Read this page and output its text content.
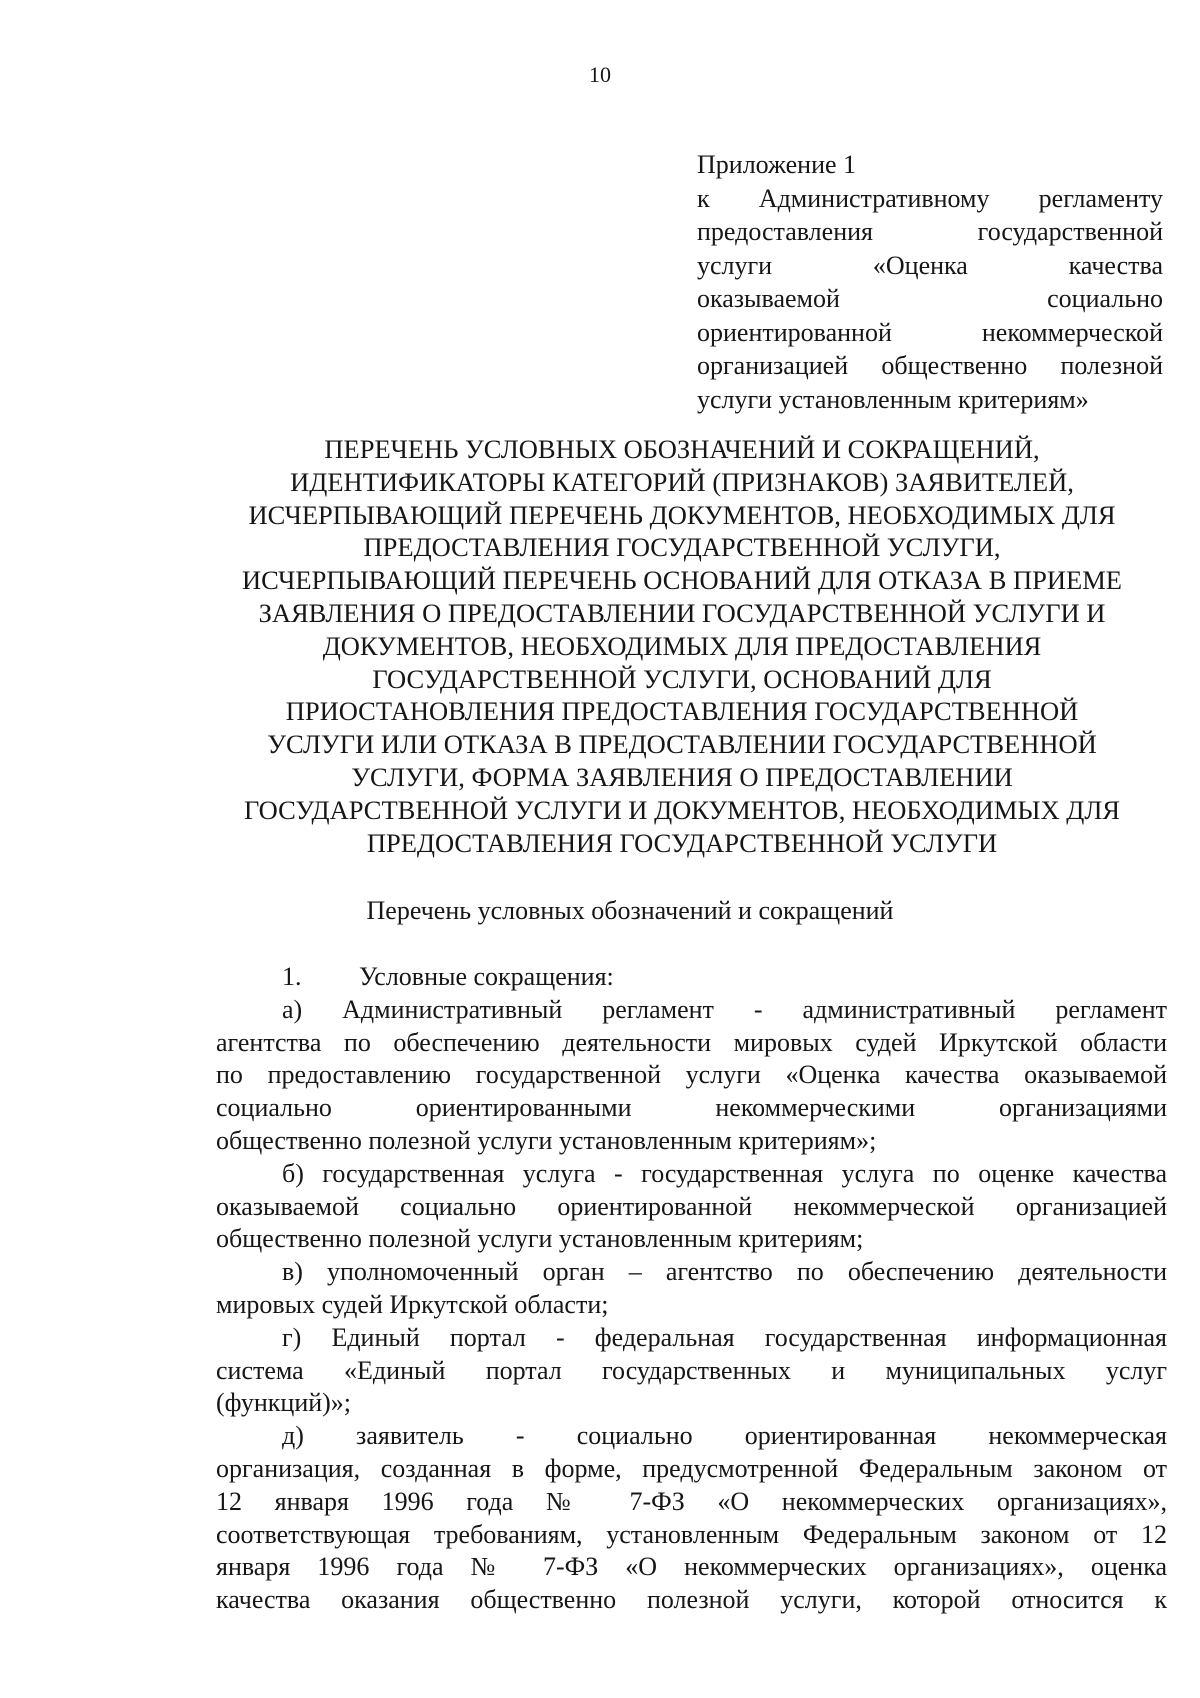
10
Приложение 1
к Административному регламенту
предоставления государственной
услуги «Оценка качества
оказываемой социально
ориентированной некоммерческой
организацией общественно полезной
услуги установленным критериям»
ПЕРЕЧЕНЬ УСЛОВНЫХ ОБОЗНАЧЕНИЙ И СОКРАЩЕНИЙ,
ИДЕНТИФИКАТОРЫ КАТЕГОРИЙ (ПРИЗНАКОВ) ЗАЯВИТЕЛЕЙ,
ИСЧЕРПЫВАЮЩИЙ ПЕРЕЧЕНЬ ДОКУМЕНТОВ, НЕОБХОДИМЫХ ДЛЯ
ПРЕДОСТАВЛЕНИЯ ГОСУДАРСТВЕННОЙ УСЛУГИ,
ИСЧЕРПЫВАЮЩИЙ ПЕРЕЧЕНЬ ОСНОВАНИЙ ДЛЯ ОТКАЗА В ПРИЕМЕ
ЗАЯВЛЕНИЯ О ПРЕДОСТАВЛЕНИИ ГОСУДАРСТВЕННОЙ УСЛУГИ И
ДОКУМЕНТОВ, НЕОБХОДИМЫХ ДЛЯ ПРЕДОСТАВЛЕНИЯ
ГОСУДАРСТВЕННОЙ УСЛУГИ, ОСНОВАНИЙ ДЛЯ
ПРИОСТАНОВЛЕНИЯ ПРЕДОСТАВЛЕНИЯ ГОСУДАРСТВЕННОЙ
УСЛУГИ ИЛИ ОТКАЗА В ПРЕДОСТАВЛЕНИИ ГОСУДАРСТВЕННОЙ
УСЛУГИ, ФОРМА ЗАЯВЛЕНИЯ О ПРЕДОСТАВЛЕНИИ
ГОСУДАРСТВЕННОЙ УСЛУГИ И ДОКУМЕНТОВ, НЕОБХОДИМЫХ ДЛЯ
ПРЕДОСТАВЛЕНИЯ ГОСУДАРСТВЕННОЙ УСЛУГИ
Перечень условных обозначений и сокращений
1. Условные сокращения:
а) Административный регламент - административный регламент
агентства по обеспечению деятельности мировых судей Иркутской области
по предоставлению государственной услуги «Оценка качества оказываемой
социально ориентированными некоммерческими организациями
общественно полезной услуги установленным критериям»;
б) государственная услуга - государственная услуга по оценке качества
оказываемой социально ориентированной некоммерческой организацией
общественно полезной услуги установленным критериям;
в) уполномоченный орган – агентство по обеспечению деятельности
мировых судей Иркутской области;
г) Единый портал - федеральная государственная информационная
система «Единый портал государственных и муниципальных услуг
(функций)»;
д) заявитель - социально ориентированная некоммерческая
организация, созданная в форме, предусмотренной Федеральным законом от
12 января 1996 года № 7-ФЗ «О некоммерческих организациях»,
соответствующая требованиям, установленным Федеральным законом от 12
января 1996 года № 7-ФЗ «О некоммерческих организациях», оценка
качества оказания общественно полезной услуги, которой относится к
